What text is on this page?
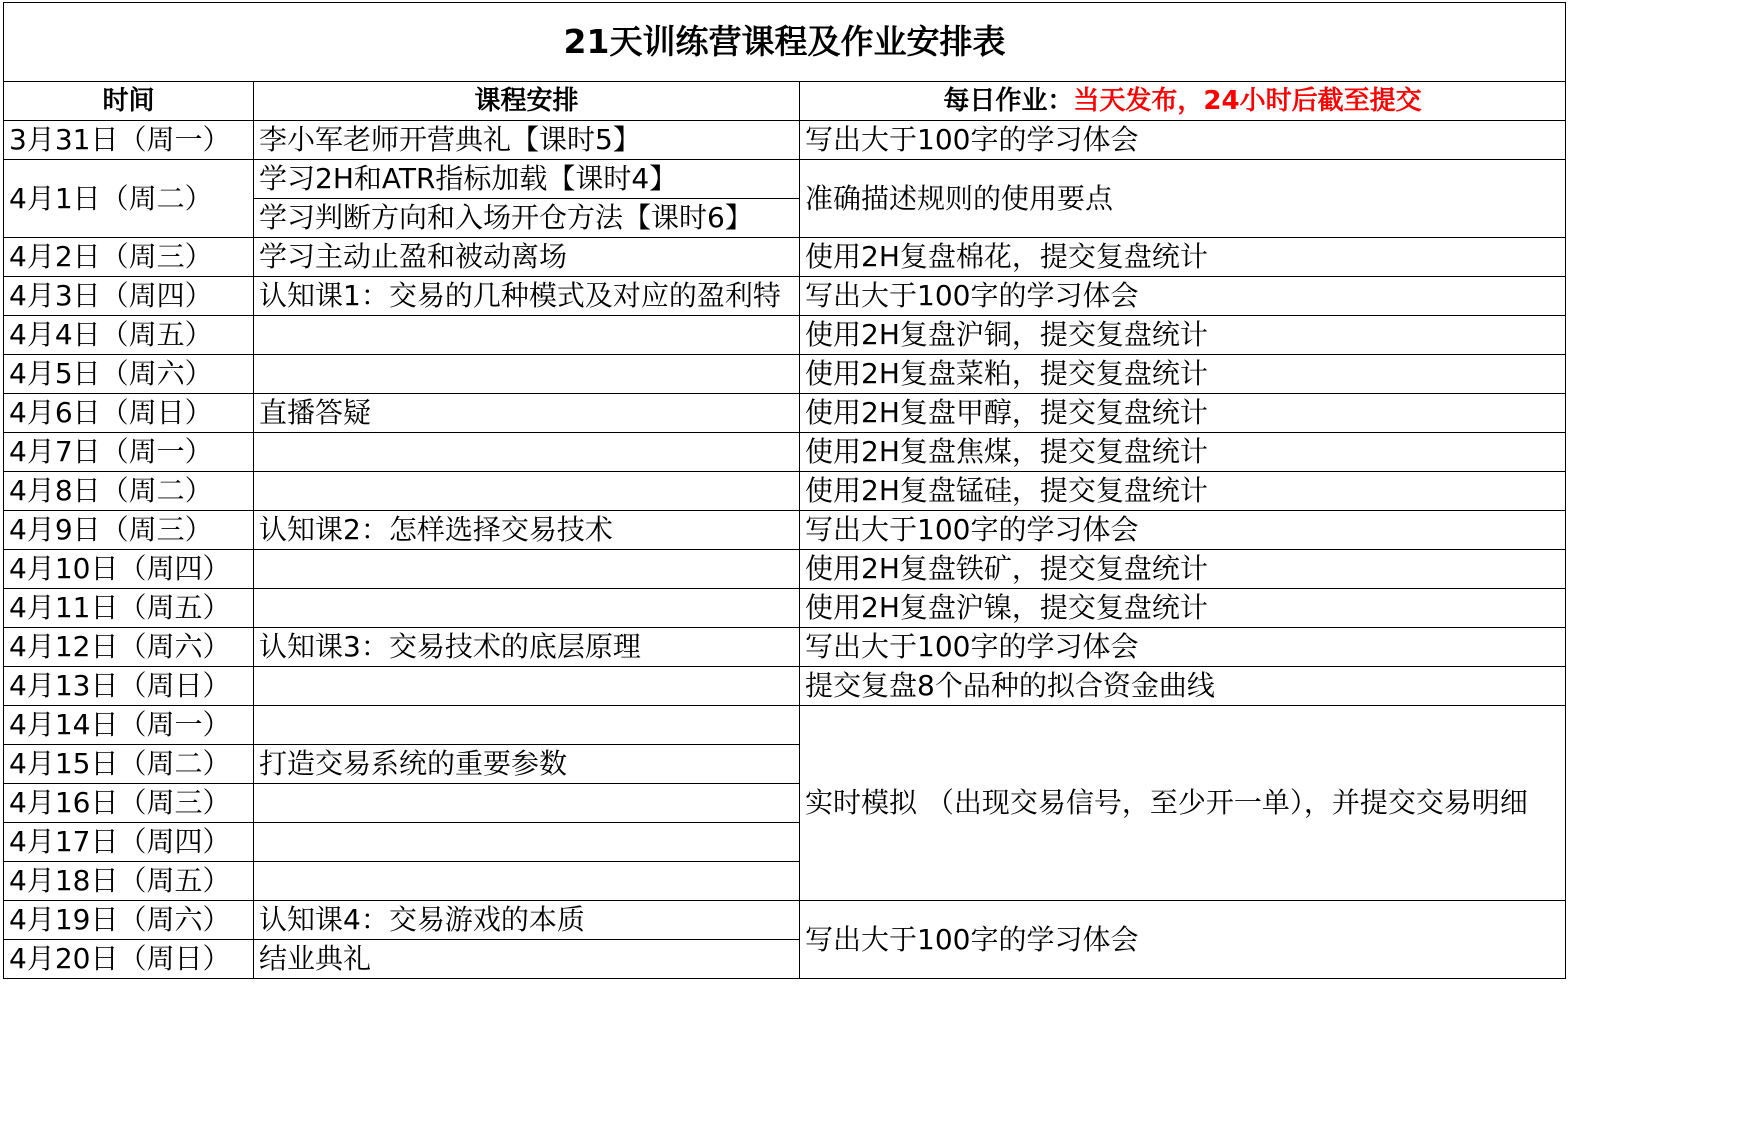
21天训练营课程及作业安排表		
时间	课程安排	每日作业：当天发布，24小时后截至提交
3月31日（周一）	李小军老师开营典礼【课时5】	写出大于100字的学习体会
4月1日（周二）	学习2H和ATR指标加载【课时4】	准确描述规则的使用要点
	学习判断方向和入场开仓方法【课时6】	
4月2日（周三）	学习主动止盈和被动离场	使用2H复盘棉花，提交复盘统计
4月3日（周四）	认知课1：交易的几种模式及对应的盈利特	写出大于100字的学习体会
4月4日（周五）		使用2H复盘沪铜，提交复盘统计
4月5日（周六）		使用2H复盘菜粕，提交复盘统计
4月6日（周日）	直播答疑	使用2H复盘甲醇，提交复盘统计
4月7日（周一）		使用2H复盘焦煤，提交复盘统计
4月8日（周二）		使用2H复盘锰硅，提交复盘统计
4月9日（周三）	认知课2：怎样选择交易技术	写出大于100字的学习体会
4月10日（周四）		使用2H复盘铁矿，提交复盘统计
4月11日（周五）		使用2H复盘沪镍，提交复盘统计
4月12日（周六）	认知课3：交易技术的底层原理	写出大于100字的学习体会
4月13日（周日）		提交复盘8个品种的拟合资金曲线
4月14日（周一）		实时模拟 （出现交易信号，至少开一单），并提交交易明细
4月15日（周二）	打造交易系统的重要参数	
4月16日（周三）		
4月17日（周四）		
4月18日（周五）		
4月19日（周六）	认知课4：交易游戏的本质	写出大于100字的学习体会
4月20日（周日）	结业典礼	
